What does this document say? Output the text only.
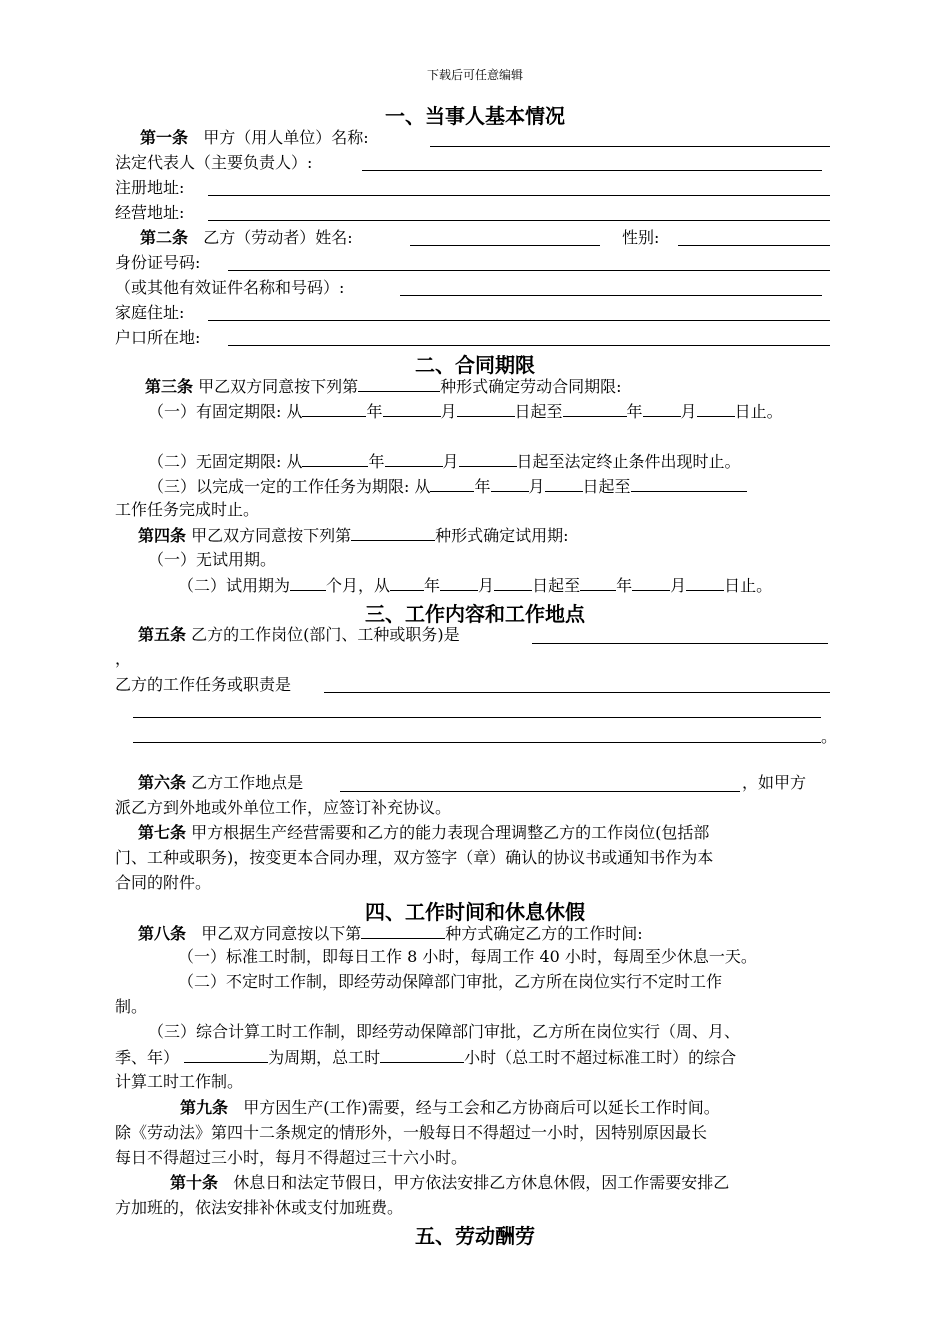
下载后可任意编辑
一、当事人基本情况
第一条 甲方（用人单位）名称:
法定代表人（主要负责人）:
注册地址:
经营地址:
第二条 乙方（劳动者）姓名:	性别:
身份证号码:
（或其他有效证件名称和号码）:
家庭住址:
户口所在地:
二、合同期限
第三条 甲乙双方同意按下列第	种形式确定劳动合同期限:
（一）有固定期限: 从	年	月	日起至	年 月 日止。
（二）无固定期限: 从	年	月	日起至法定终止条件出现时止。
（三）以完成一定的工作任务为期限: 从	年 月 日起至
工作任务完成时止。
第四条 甲乙双方同意按下列第	种形式确定试用期:
（一）无试用期。
（二）试用期为 个月，从 年 月 日起至 年 月 日止。
三、工作内容和工作地点
第五条 乙方的工作岗位(部门、工种或职务)是
，
乙方的工作任务或职责是
。
第六条 乙方工作地点是	，如甲方
派乙方到外地或外单位工作，应签订补充协议。
第七条 甲方根据生产经营需要和乙方的能力表现合理调整乙方的工作岗位(包括部
门、工种或职务)，按变更本合同办理，双方签字（章）确认的协议书或通知书作为本
合同的附件。
四、工作时间和休息休假
第八条 甲乙双方同意按以下第	种方式确定乙方的工作时间:
（一）标准工时制，即每日工作 8 小时，每周工作 40 小时，每周至少休息一天。
（二）不定时工作制，即经劳动保障部门审批，乙方所在岗位实行不定时工作
制。
（三）综合计算工时工作制，即经劳动保障部门审批，乙方所在岗位实行（周、月、
季、年）	为周期，总工时	小时（总工时不超过标准工时）的综合
计算工时工作制。
第九条 甲方因生产(工作)需要，经与工会和乙方协商后可以延长工作时间。
除《劳动法》第四十二条规定的情形外，一般每日不得超过一小时，因特别原因最长
每日不得超过三小时，每月不得超过三十六小时。
第十条 休息日和法定节假日，甲方依法安排乙方休息休假，因工作需要安排乙
方加班的，依法安排补休或支付加班费。
五、劳动酬劳
